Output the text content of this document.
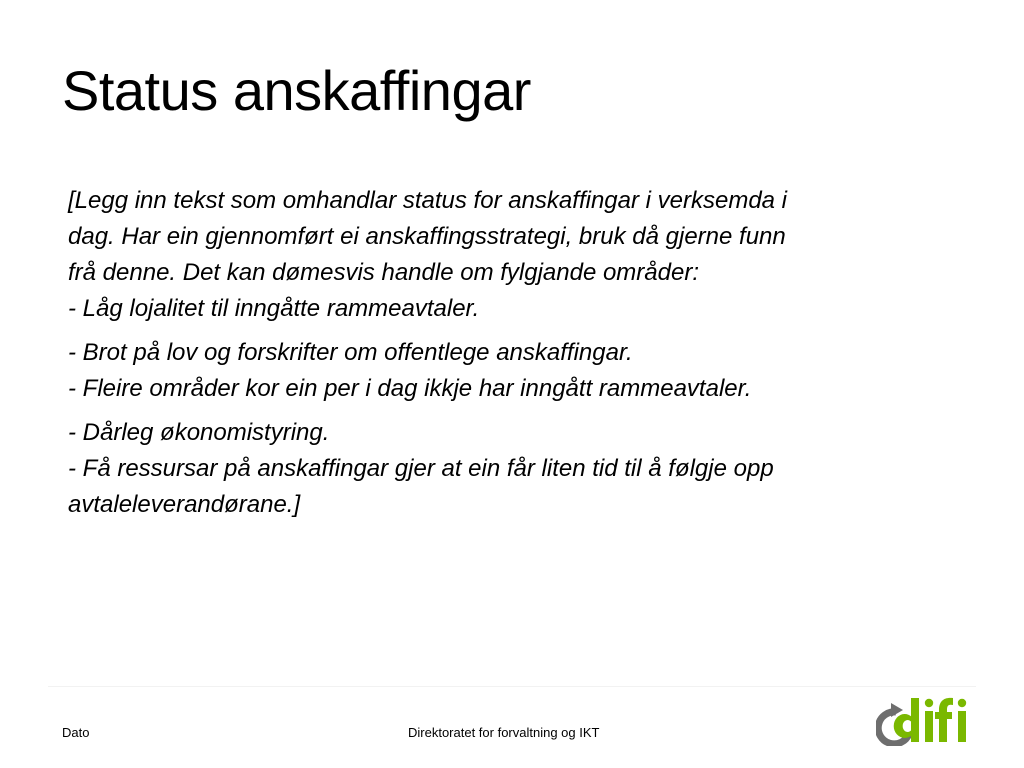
Status anskaffingar

[Legg inn tekst som omhandlar status for anskaffingar i verksemda i
dag. Har ein gjennomført ei anskaffingsstrategi, bruk då gjerne funn
frå denne. Det kan dømesvis handle om fylgjande områder:
- Låg lojalitet til inngåtte rammeavtaler.

- Brot på lov og forskrifter om offentlege anskaffingar.
- Fleire områder kor ein per i dag ikkje har inngått rammeavtaler.

- Dårleg økonomistyring.
- Få ressursar på anskaffingar gjer at ein får liten tid til å følgje opp
avtaleleverandørane.]

Dato	Direktoratet for forvaltning og IKT
